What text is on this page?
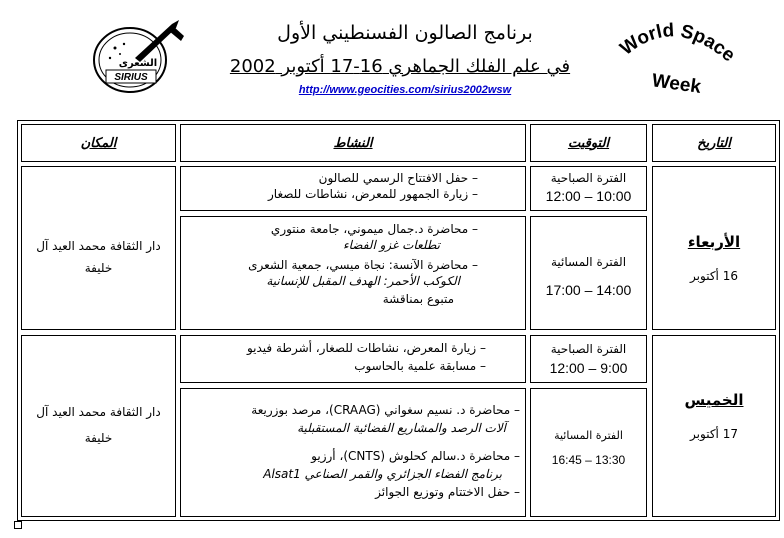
برنامج الصالون الفسنطيني الأول
في علم الفلك الجماهري 16-17 أكتوبر 2002
http://www.geocities.com/sirius2002wsw
الشعرى
SIRIUS
World Space
Week
التاريخ
التوقيت
النشاط
المكان
الأربعاء
16 أكتوبر
الفترة الصباحية
10:00 – 12:00
الفترة المسائية
14:00 – 17:00
– حفل الافتتاح الرسمي للصالون
– زيارة الجمهور للمعرض، نشاطات للصغار
– محاضرة د.جمال ميموني، جامعة منتوري
تطلعات غزو الفضاء
– محاضرة الآنسة: نجاة ميسي، جمعية الشعرى
الكوكب الأحمر: الهدف المقبل للإنسانية
متبوع بمناقشة
دار الثقافة محمد العيد آل
خليفة
الخميس
17 أكتوبر
الفترة الصباحية
9:00 – 12:00
الفترة المسائية
13:30 – 16:45
– زيارة المعرض، نشاطات للصغار، أشرطة فيديو
– مسابقة علمية بالحاسوب
– محاضرة د. نسيم سغواني (CRAAG)، مرصد بوزريعة
آلات الرصد والمشاريع الفضائية المستقبلية
– محاضرة د.سالم كحلوش (CNTS)، أرزيو
برنامج الفضاء الجزائري والقمر الصناعي Alsat1
– حفل الاختتام وتوزيع الجوائز
دار الثقافة محمد العيد آل
خليفة
